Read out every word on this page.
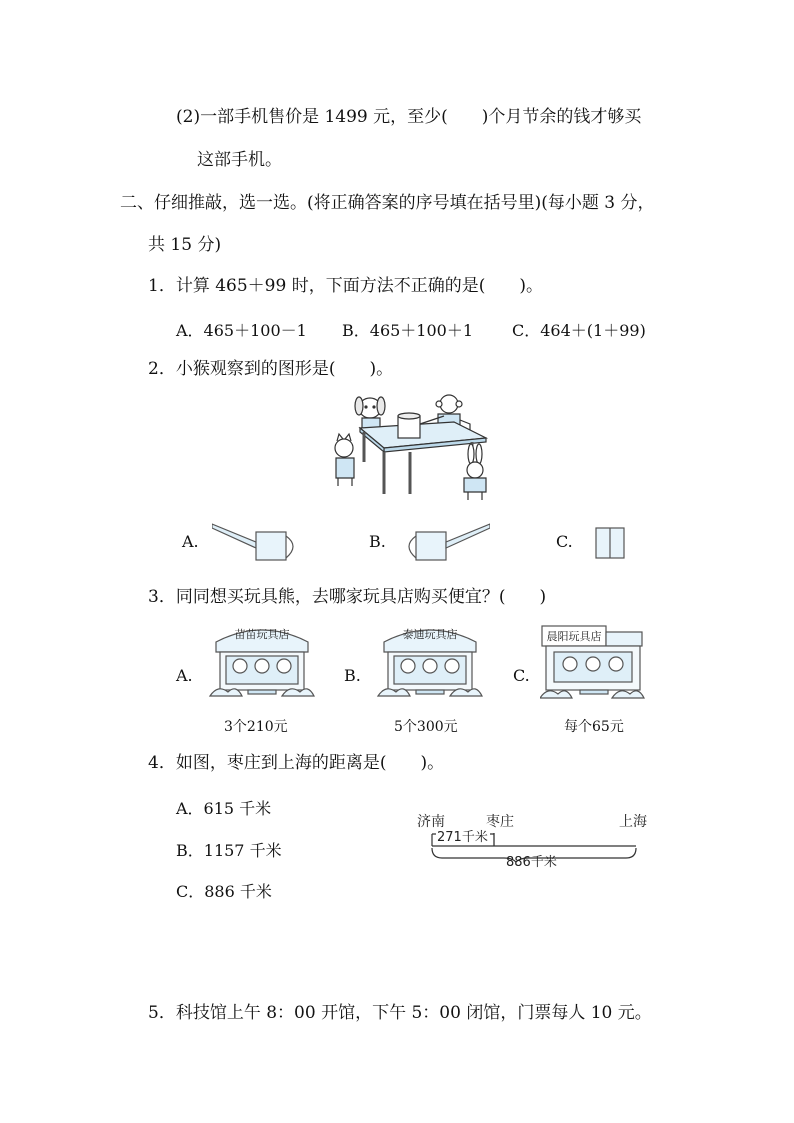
(2)一部手机售价是 1499 元，至少(　　)个月节余的钱才够买
这部手机。
二、仔细推敲，选一选。(将正确答案的序号填在括号里)(每小题 3 分，
共 15 分)
1．计算 465＋99 时，下面方法不正确的是(　　)。
A．465＋100－1 B．465＋100＋1 C．464＋(1＋99)
2．小猴观察到的图形是(　　)。
A.	B.	C.
3．同同想买玩具熊，去哪家玩具店购买便宜？(　　)
A.
苗苗玩具店
3个210元
B.
泰迪玩具店
5个300元
C.
晨阳玩具店
每个65元
4．如图，枣庄到上海的距离是(　　)。
A．615 千米
B．1157 千米
C．886 千米
济南	枣庄	上海
271千米
886千米
5．科技馆上午 8：00 开馆，下午 5：00 闭馆，门票每人 10 元。
